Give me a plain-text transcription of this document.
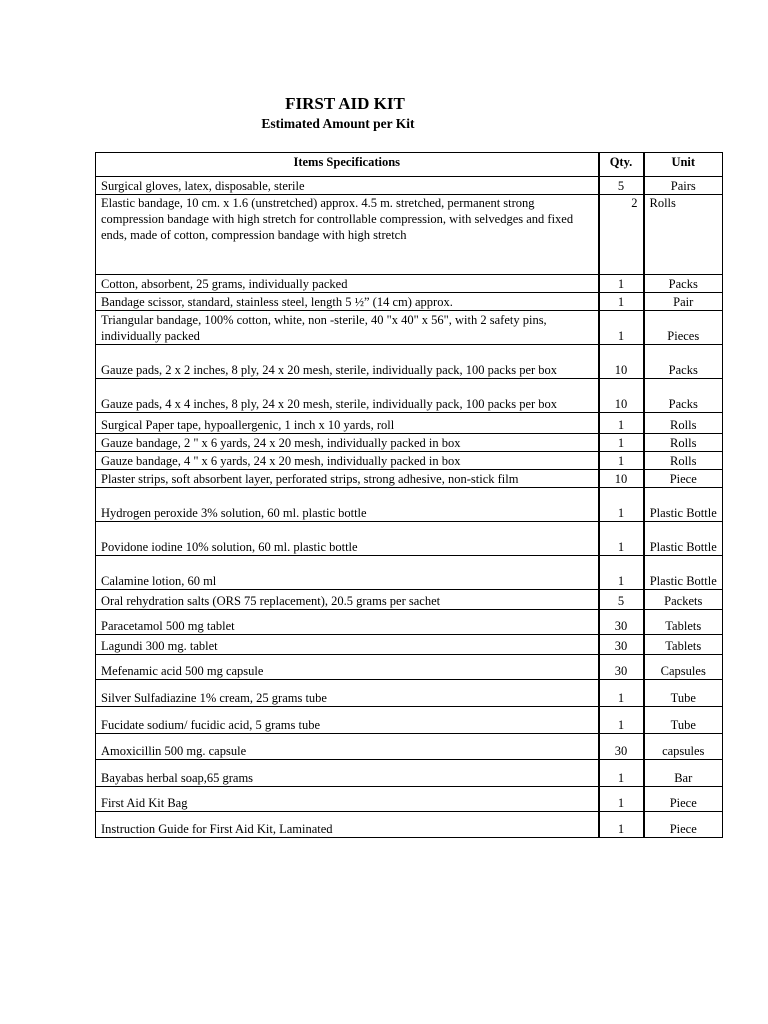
FIRST AID KIT
Estimated Amount per Kit
Items Specifications	Qty.	Unit
Surgical gloves, latex, disposable, sterile	5	Pairs
Elastic bandage, 10 cm. x 1.6 (unstretched) approx. 4.5 m. stretched, permanent strong compression bandage with high stretch for controllable compression, with selvedges and fixed ends, made of cotton, compression bandage with high stretch	2	Rolls
Cotton, absorbent, 25 grams, individually packed	1	Packs
Bandage scissor, standard, stainless steel, length 5 ½” (14 cm) approx.	1	Pair
Triangular bandage, 100% cotton, white, non -sterile, 40 "x 40" x 56", with 2 safety pins, individually packed	1	Pieces
Gauze pads, 2 x 2 inches, 8 ply, 24 x 20 mesh, sterile, individually pack, 100 packs per box	10	Packs
Gauze pads, 4 x 4 inches, 8 ply, 24 x 20 mesh, sterile, individually pack, 100 packs per box	10	Packs
Surgical Paper tape, hypoallergenic, 1 inch x 10 yards, roll	1	Rolls
Gauze bandage, 2 " x 6 yards, 24 x 20 mesh, individually packed in box	1	Rolls
Gauze bandage, 4 " x 6 yards, 24 x 20 mesh, individually packed in box	1	Rolls
Plaster strips, soft absorbent layer, perforated strips, strong adhesive, non-stick film	10	Piece
Hydrogen peroxide 3% solution, 60 ml. plastic bottle	1	Plastic Bottle
Povidone iodine 10% solution, 60 ml. plastic bottle	1	Plastic Bottle
Calamine lotion, 60 ml	1	Plastic Bottle
Oral rehydration salts (ORS 75 replacement), 20.5 grams per sachet	5	Packets
Paracetamol 500 mg tablet	30	Tablets
Lagundi 300 mg. tablet	30	Tablets
Mefenamic acid 500 mg capsule	30	Capsules
Silver Sulfadiazine 1% cream, 25 grams tube	1	Tube
Fucidate sodium/ fucidic acid, 5 grams tube	1	Tube
Amoxicillin 500 mg. capsule	30	capsules
Bayabas herbal soap,65 grams	1	Bar
First Aid Kit Bag	1	Piece
Instruction Guide for First Aid Kit, Laminated	1	Piece
